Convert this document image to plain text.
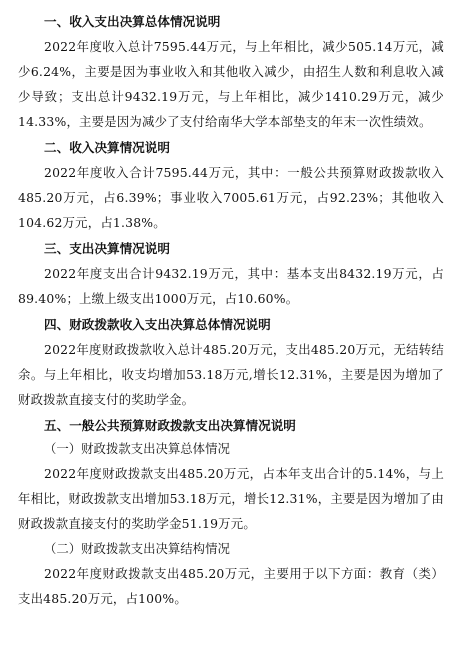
一、收入支出决算总体情况说明
2022年度收入总计7595.44万元，与上年相比，减少505.14万元，减少6.24%，主要是因为事业收入和其他收入减少，由招生人数和利息收入减少导致；支出总计9432.19万元，与上年相比，减少1410.29万元，减少14.33%，主要是因为减少了支付给南华大学本部垫支的年末一次性绩效。
二、收入决算情况说明
2022年度收入合计7595.44万元，其中：一般公共预算财政拨款收入485.20万元，占6.39%；事业收入7005.61万元，占92.23%；其他收入104.62万元，占1.38%。
三、支出决算情况说明
2022年度支出合计9432.19万元，其中：基本支出8432.19万元，占89.40%；上缴上级支出1000万元，占10.60%。
四、财政拨款收入支出决算总体情况说明
2022年度财政拨款收入总计485.20万元，支出485.20万元，无结转结余。与上年相比，收支均增加53.18万元,增长12.31%，主要是因为增加了财政拨款直接支付的奖助学金。
五、一般公共预算财政拨款支出决算情况说明
（一）财政拨款支出决算总体情况
2022年度财政拨款支出485.20万元，占本年支出合计的5.14%，与上年相比，财政拨款支出增加53.18万元，增长12.31%，主要是因为增加了由财政拨款直接支付的奖助学金51.19万元。
（二）财政拨款支出决算结构情况
2022年度财政拨款支出485.20万元，主要用于以下方面：教育（类）支出485.20万元，占100%。
